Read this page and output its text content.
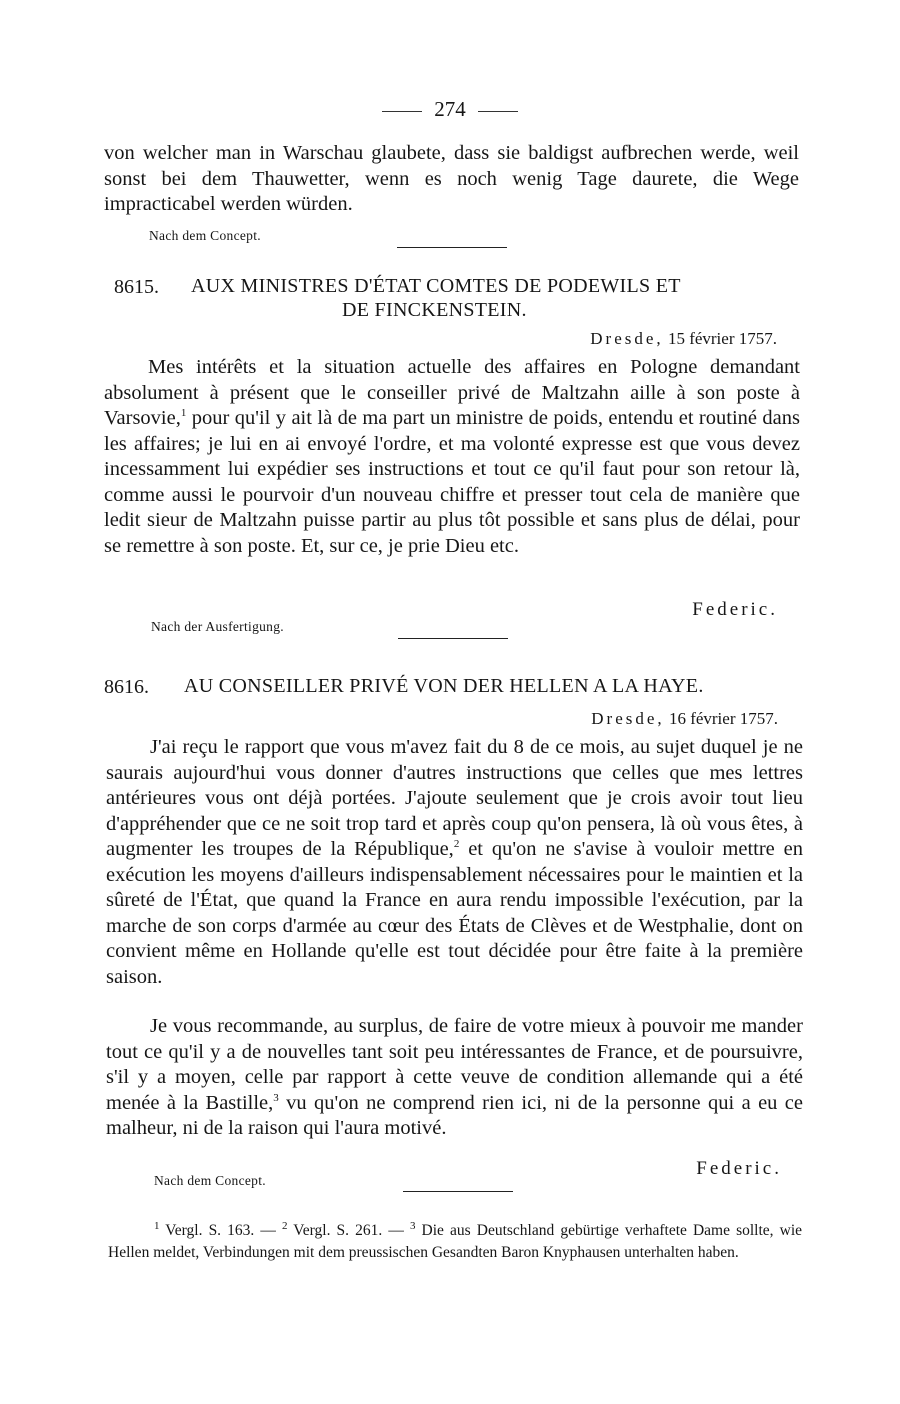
274

von welcher man in Warschau glaubete, dass sie baldigst aufbrechen werde, weil sonst bei dem Thauwetter, wenn es noch wenig Tage daurete, die Wege impracticabel werden würden.

Nach dem Concept.
8615. AUX MINISTRES D'ÉTAT COMTES DE PODEWILS ET
DE FINCKENSTEIN.
Dresde, 15 février 1757.

Mes intérêts et la situation actuelle des affaires en Pologne demandant absolument à présent que le conseiller privé de Maltzahn aille à son poste à Varsovie,$^1$ pour qu'il y ait là de ma part un ministre de poids, entendu et routiné dans les affaires; je lui en ai envoyé l'ordre, et ma volonté expresse est que vous devez incessamment lui expédier ses instructions et tout ce qu'il faut pour son retour là, comme aussi le pourvoir d'un nouveau chiffre et presser tout cela de manière que ledit sieur de Maltzahn puisse partir au plus tôt possible et sans plus de délai, pour se remettre à son poste. Et, sur ce, je prie Dieu etc.

Federic.
Nach der Ausfertigung.
8616. AU CONSEILLER PRIVÉ VON DER HELLEN A LA HAYE.
Dresde, 16 février 1757.

J'ai reçu le rapport que vous m'avez fait du 8 de ce mois, au sujet duquel je ne saurais aujourd'hui vous donner d'autres instructions que celles que mes lettres antérieures vous ont déjà portées. J'ajoute seulement que je crois avoir tout lieu d'appréhender que ce ne soit trop tard et après coup qu'on pensera, là où vous êtes, à augmenter les troupes de la République,$^2$ et qu'on ne s'avise à vouloir mettre en exécution les moyens d'ailleurs indispensablement nécessaires pour le maintien et la sûreté de l'État, que quand la France en aura rendu impossible l'exécution, par la marche de son corps d'armée au cœur des États de Clèves et de Westphalie, dont on convient même en Hollande qu'elle est tout décidée pour être faite à la première saison.

Je vous recommande, au surplus, de faire de votre mieux à pouvoir me mander tout ce qu'il y a de nouvelles tant soit peu intéressantes de France, et de poursuivre, s'il y a moyen, celle par rapport à cette veuve de condition allemande qui a été menée à la Bastille,$^3$ vu qu'on ne comprend rien ici, ni de la personne qui a eu ce malheur, ni de la raison qui l'aura motivé.

Federic.
Nach dem Concept.

$^1$ Vergl. S. 163. — $^2$ Vergl. S. 261. — $^3$ Die aus Deutschland gebürtige verhaftete Dame sollte, wie Hellen meldet, Verbindungen mit dem preussischen Gesandten Baron Knyphausen unterhalten haben.
